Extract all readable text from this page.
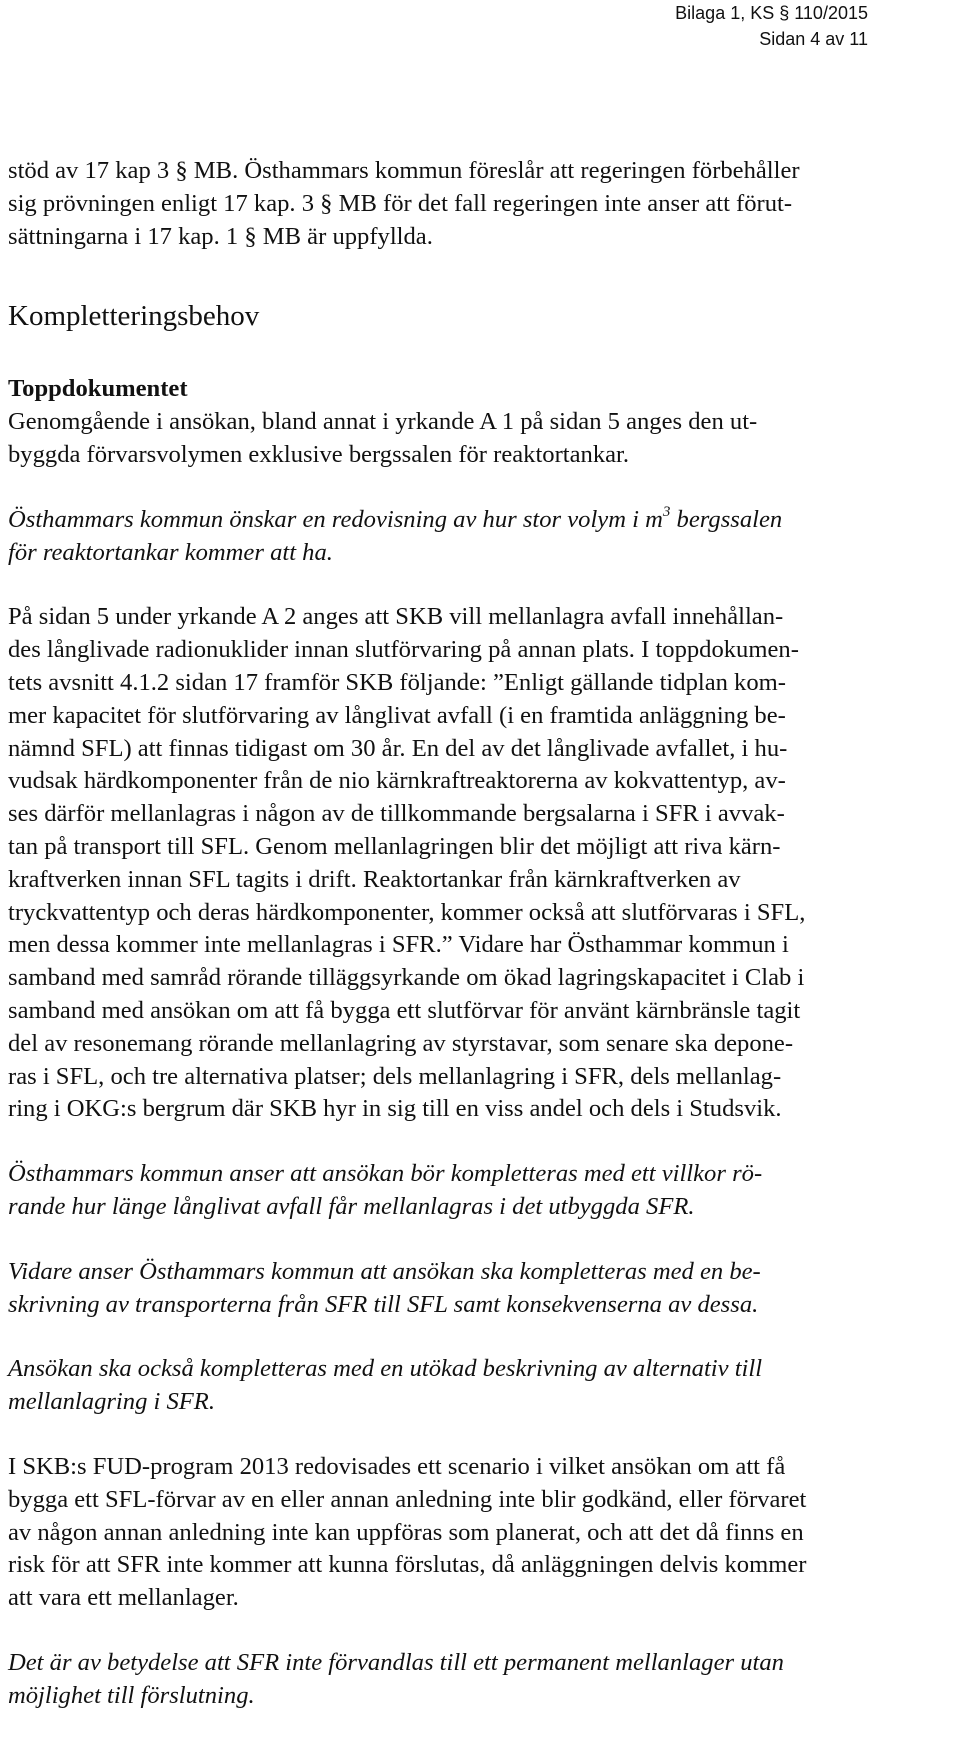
Bilaga 1, KS § 110/2015
Sidan 4 av 11

stöd av 17 kap 3 § MB. Östhammars kommun föreslår att regeringen förbehåller
sig prövningen enligt 17 kap. 3 § MB för det fall regeringen inte anser att förut-
sättningarna i 17 kap. 1 § MB är uppfyllda.

Kompletteringsbehov

Toppdokumentet

Genomgående i ansökan, bland annat i yrkande A 1 på sidan 5 anges den ut-
byggda förvarsvolymen exklusive bergssalen för reaktortankar.

Östhammars kommun önskar en redovisning av hur stor volym i $m^3$ bergssalen
för reaktortankar kommer att ha.

På sidan 5 under yrkande A 2 anges att SKB vill mellanlagra avfall innehållan-
des långlivade radionuklider innan slutförvaring på annan plats. I toppdokumen-
tets avsnitt 4.1.2 sidan 17 framför SKB följande: ”Enligt gällande tidplan kom-
mer kapacitet för slutförvaring av långlivat avfall (i en framtida anläggning be-
nämnd SFL) att finnas tidigast om 30 år. En del av det långlivade avfallet, i hu-
vudsak härdkomponenter från de nio kärnkraftreaktorerna av kokvattentyp, av-
ses därför mellanlagras i någon av de tillkommande bergsalarna i SFR i avvak-
tan på transport till SFL. Genom mellanlagringen blir det möjligt att riva kärn-
kraftverken innan SFL tagits i drift. Reaktortankar från kärnkraftverken av
tryckvattentyp och deras härdkomponenter, kommer också att slutförvaras i SFL,
men dessa kommer inte mellanlagras i SFR.” Vidare har Östhammar kommun i
samband med samråd rörande tilläggsyrkande om ökad lagringskapacitet i Clab i
samband med ansökan om att få bygga ett slutförvar för använt kärnbränsle tagit
del av resonemang rörande mellanlagring av styrstavar, som senare ska depone-
ras i SFL, och tre alternativa platser; dels mellanlagring i SFR, dels mellanlag-
ring i OKG:s bergrum där SKB hyr in sig till en viss andel och dels i Studsvik.

Östhammars kommun anser att ansökan bör kompletteras med ett villkor rö-
rande hur länge långlivat avfall får mellanlagras i det utbyggda SFR.

Vidare anser Östhammars kommun att ansökan ska kompletteras med en be-
skrivning av transporterna från SFR till SFL samt konsekvenserna av dessa.

Ansökan ska också kompletteras med en utökad beskrivning av alternativ till
mellanlagring i SFR.

I SKB:s FUD-program 2013 redovisades ett scenario i vilket ansökan om att få
bygga ett SFL-förvar av en eller annan anledning inte blir godkänd, eller förvaret
av någon annan anledning inte kan uppföras som planerat, och att det då finns en
risk för att SFR inte kommer att kunna förslutas, då anläggningen delvis kommer
att vara ett mellanlager.

Det är av betydelse att SFR inte förvandlas till ett permanent mellanlager utan
möjlighet till förslutning.
